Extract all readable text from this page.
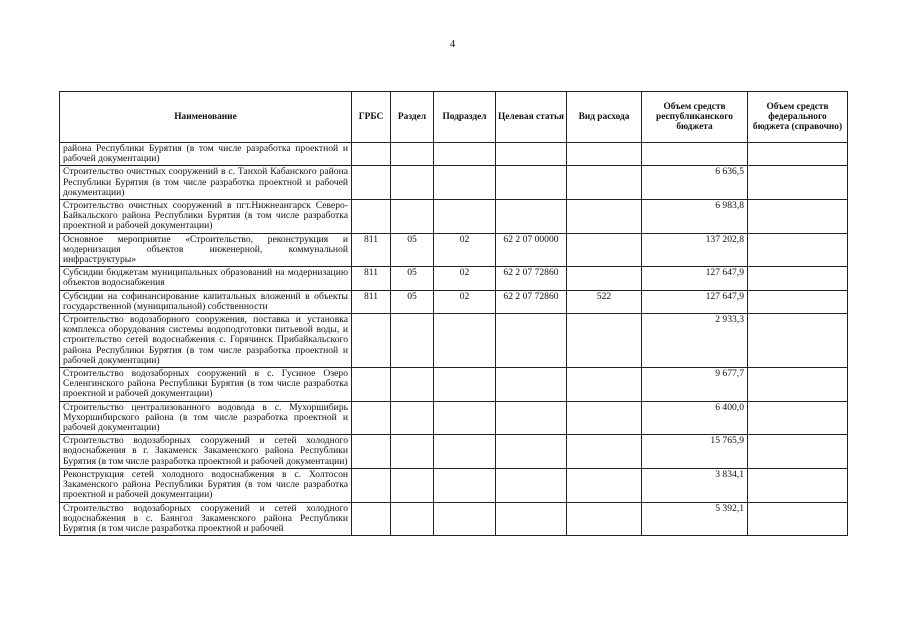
4
Наименование	ГРБС	Раздел	Подраздел	Целевая статья	Вид расхода	Объем средств республиканского бюджета	Объем средств федерального бюджета (справочно)
района Республики Бурятия (в том числе разработка проектной и рабочей документации)							
Строительство очистных сооружений в с. Танхой Кабанского района Республики Бурятия (в том числе разработка проектной и рабочей документации)						6 636,5	
Строительство очистных сооружений в пгт.Нижнеангарск Северо-Байкальского района Республики Бурятия (в том числе разработка проектной и рабочей документации)						6 983,8	
Основное мероприятие «Строительство, реконструкция и модернизация объектов инженерной, коммунальной инфраструктуры»	811	05	02	62 2 07 00000		137 202,8	
Субсидии бюджетам муниципальных образований на модернизацию объектов водоснабжения	811	05	02	62 2 07 72860		127 647,9	
Субсидии на софинансирование капитальных вложений в объекты государственной (муниципальной) собственности	811	05	02	62 2 07 72860	522	127 647,9	
Строительство водозаборного сооружения, поставка и установка комплекса оборудования системы водоподготовки питьевой воды, и строительство сетей водоснабжения с. Горячинск Прибайкальского района Республики Бурятия (в том числе разработка проектной и рабочей документации)						2 933,3	
Строительство водозаборных сооружений в с. Гусиное Озеро Селенгинского района Республики Бурятия (в том числе разработка проектной и рабочей документации)						9 677,7	
Строительство централизованного водовода в с. Мухоршибирь Мухоршибирского района (в том числе разработка проектной и рабочей документации)						6 400,0	
Строительство водозаборных сооружений и сетей холодного водоснабжения в г. Закаменск Закаменского района Республики Бурятия (в том числе разработка проектной и рабочей документации)						15 765,9	
Реконструкция сетей холодного водоснабжения в с. Холтосон Закаменского района Республики Бурятия (в том числе разработка проектной и рабочей документации)						3 834,1	
Строительство водозаборных сооружений и сетей холодного водоснабжения в с. Баянгол Закаменского района Республики Бурятия (в том числе разработка проектной и рабочей						5 392,1	
